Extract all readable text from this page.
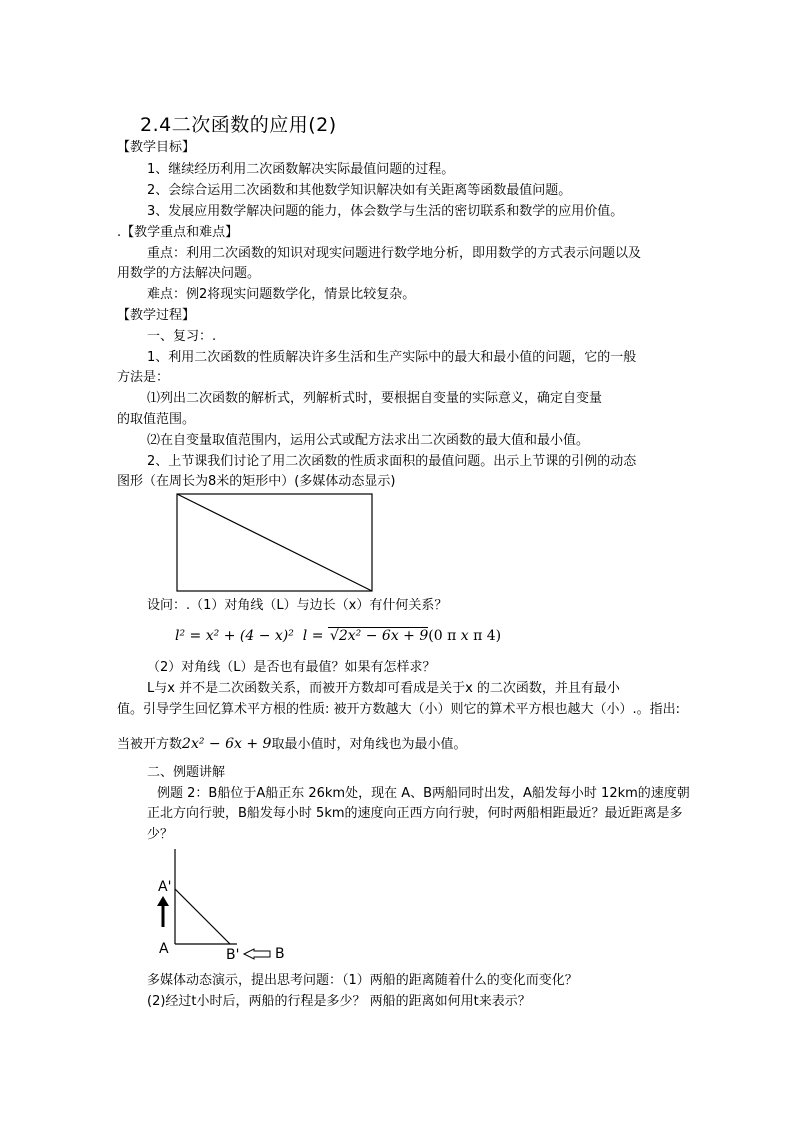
2.4二次函数的应用(2)
【教学目标】
1、继续经历利用二次函数解决实际最值问题的过程。
2、会综合运用二次函数和其他数学知识解决如有关距离等函数最值问题。
3、发展应用数学解决问题的能力，体会数学与生活的密切联系和数学的应用价值。
.【教学重点和难点】
重点：利用二次函数的知识对现实问题进行数学地分析，即用数学的方式表示问题以及
用数学的方法解决问题。
难点：例2将现实问题数学化，情景比较复杂。
【教学过程】
一、复习：.
1、利用二次函数的性质解决许多生活和生产实际中的最大和最小值的问题，它的一般
方法是：
⑴列出二次函数的解析式，列解析式时，要根据自变量的实际意义，确定自变量
的取值范围。
⑵在自变量取值范围内，运用公式或配方法求出二次函数的最大值和最小值。
2、上节课我们讨论了用二次函数的性质求面积的最值问题。出示上节课的引例的动态
图形（在周长为8米的矩形中）(多媒体动态显示)
设问：.（1）对角线（L）与边长（x）有什何关系？
l² = x² + (4 − x)²  l = √2x² − 6x + 9(0 π x π 4)
（2）对角线（L）是否也有最值？如果有怎样求？
L与x 并不是二次函数关系，而被开方数却可看成是关于x 的二次函数，并且有最小
值。引导学生回忆算术平方根的性质: 被开方数越大（小）则它的算术平方根也越大（小）.。指出:
当被开方数2x² − 6x + 9取最小值时，对角线也为最小值。
二、例题讲解
例题 2：B船位于A船正东 26km处，现在 A、B两船同时出发，A船发每小时 12km的速度朝
正北方向行驶，B船发每小时 5km的速度向正西方向行驶，何时两船相距最近？最近距离是多
少？
A'
A	B'	B
多媒体动态演示，提出思考问题：（1）两船的距离随着什么的变化而变化？
(2)经过t小时后，两船的行程是多少？ 两船的距离如何用t来表示？
